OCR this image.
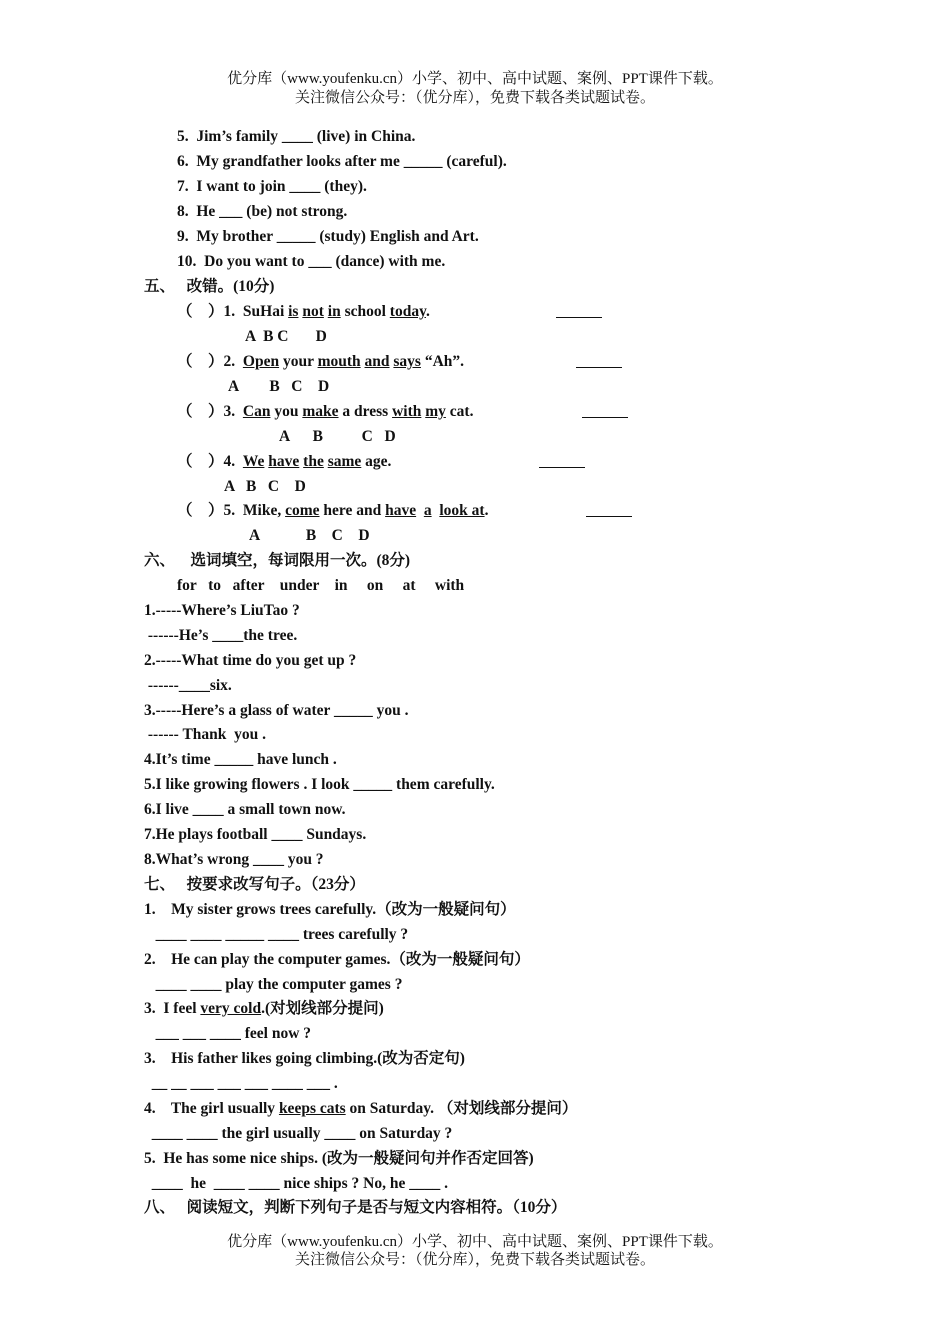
优分库（www.youfenku.cn）小学、初中、高中试题、案例、PPT课件下载。
关注微信公众号：（优分库），免费下载各类试题试卷。
5.  Jim’s family ____ (live) in China.
6.  My grandfather looks after me _____ (careful).
7.  I want to join ____ (they).
8.  He ___ (be) not strong.
9.  My brother _____ (study) English and Art.
10.  Do you want to ___ (dance) with me.
五、   改错。(10分)
（    ）1. SuHai is not in school today.
A  B C       D
（    ）2. Open your mouth and says “Ah”.
A        B   C    D
（    ）3. Can you make a dress with my cat.
A      B          C   D
（    ）4. We have the same age.
A   B   C    D
（    ）5. Mike, come here and have a look at.
A            B    C    D
六、    选词填空，每词限用一次。(8分)
for   to   after    under    in     on     at     with
1.-----Where’s LiuTao ?
------He’s ____the tree.
2.-----What time do you get up ?
------____six.
3.-----Here’s a glass of water _____ you .
------ Thank  you .
4.It’s time _____ have lunch .
5.I like growing flowers . I look _____ them carefully.
6.I live ____ a small town now.
7.He plays football ____ Sundays.
8.What’s wrong ____ you ?
七、   按要求改写句子。（23分）
1.    My sister grows trees carefully.（改为一般疑问句）
____ ____ _____ ____ trees carefully ?
2.    He can play the computer games.（改为一般疑问句）
____ ____ play the computer games ?
3.  I feel very cold.(对划线部分提问)
___ ___ ____ feel now ?
3.    His father likes going climbing.(改为否定句)
__ __ ___ ___ ___ ____ ___ .
4.    The girl usually keeps cats on Saturday. （对划线部分提问）
____ ____ the girl usually ____ on Saturday ?
5.  He has some nice ships. (改为一般疑问句并作否定回答)
____  he  ____ ____ nice ships ? No, he ____ .
八、   阅读短文，判断下列句子是否与短文内容相符。（10分）
优分库（www.youfenku.cn）小学、初中、高中试题、案例、PPT课件下载。
关注微信公众号：（优分库），免费下载各类试题试卷。
